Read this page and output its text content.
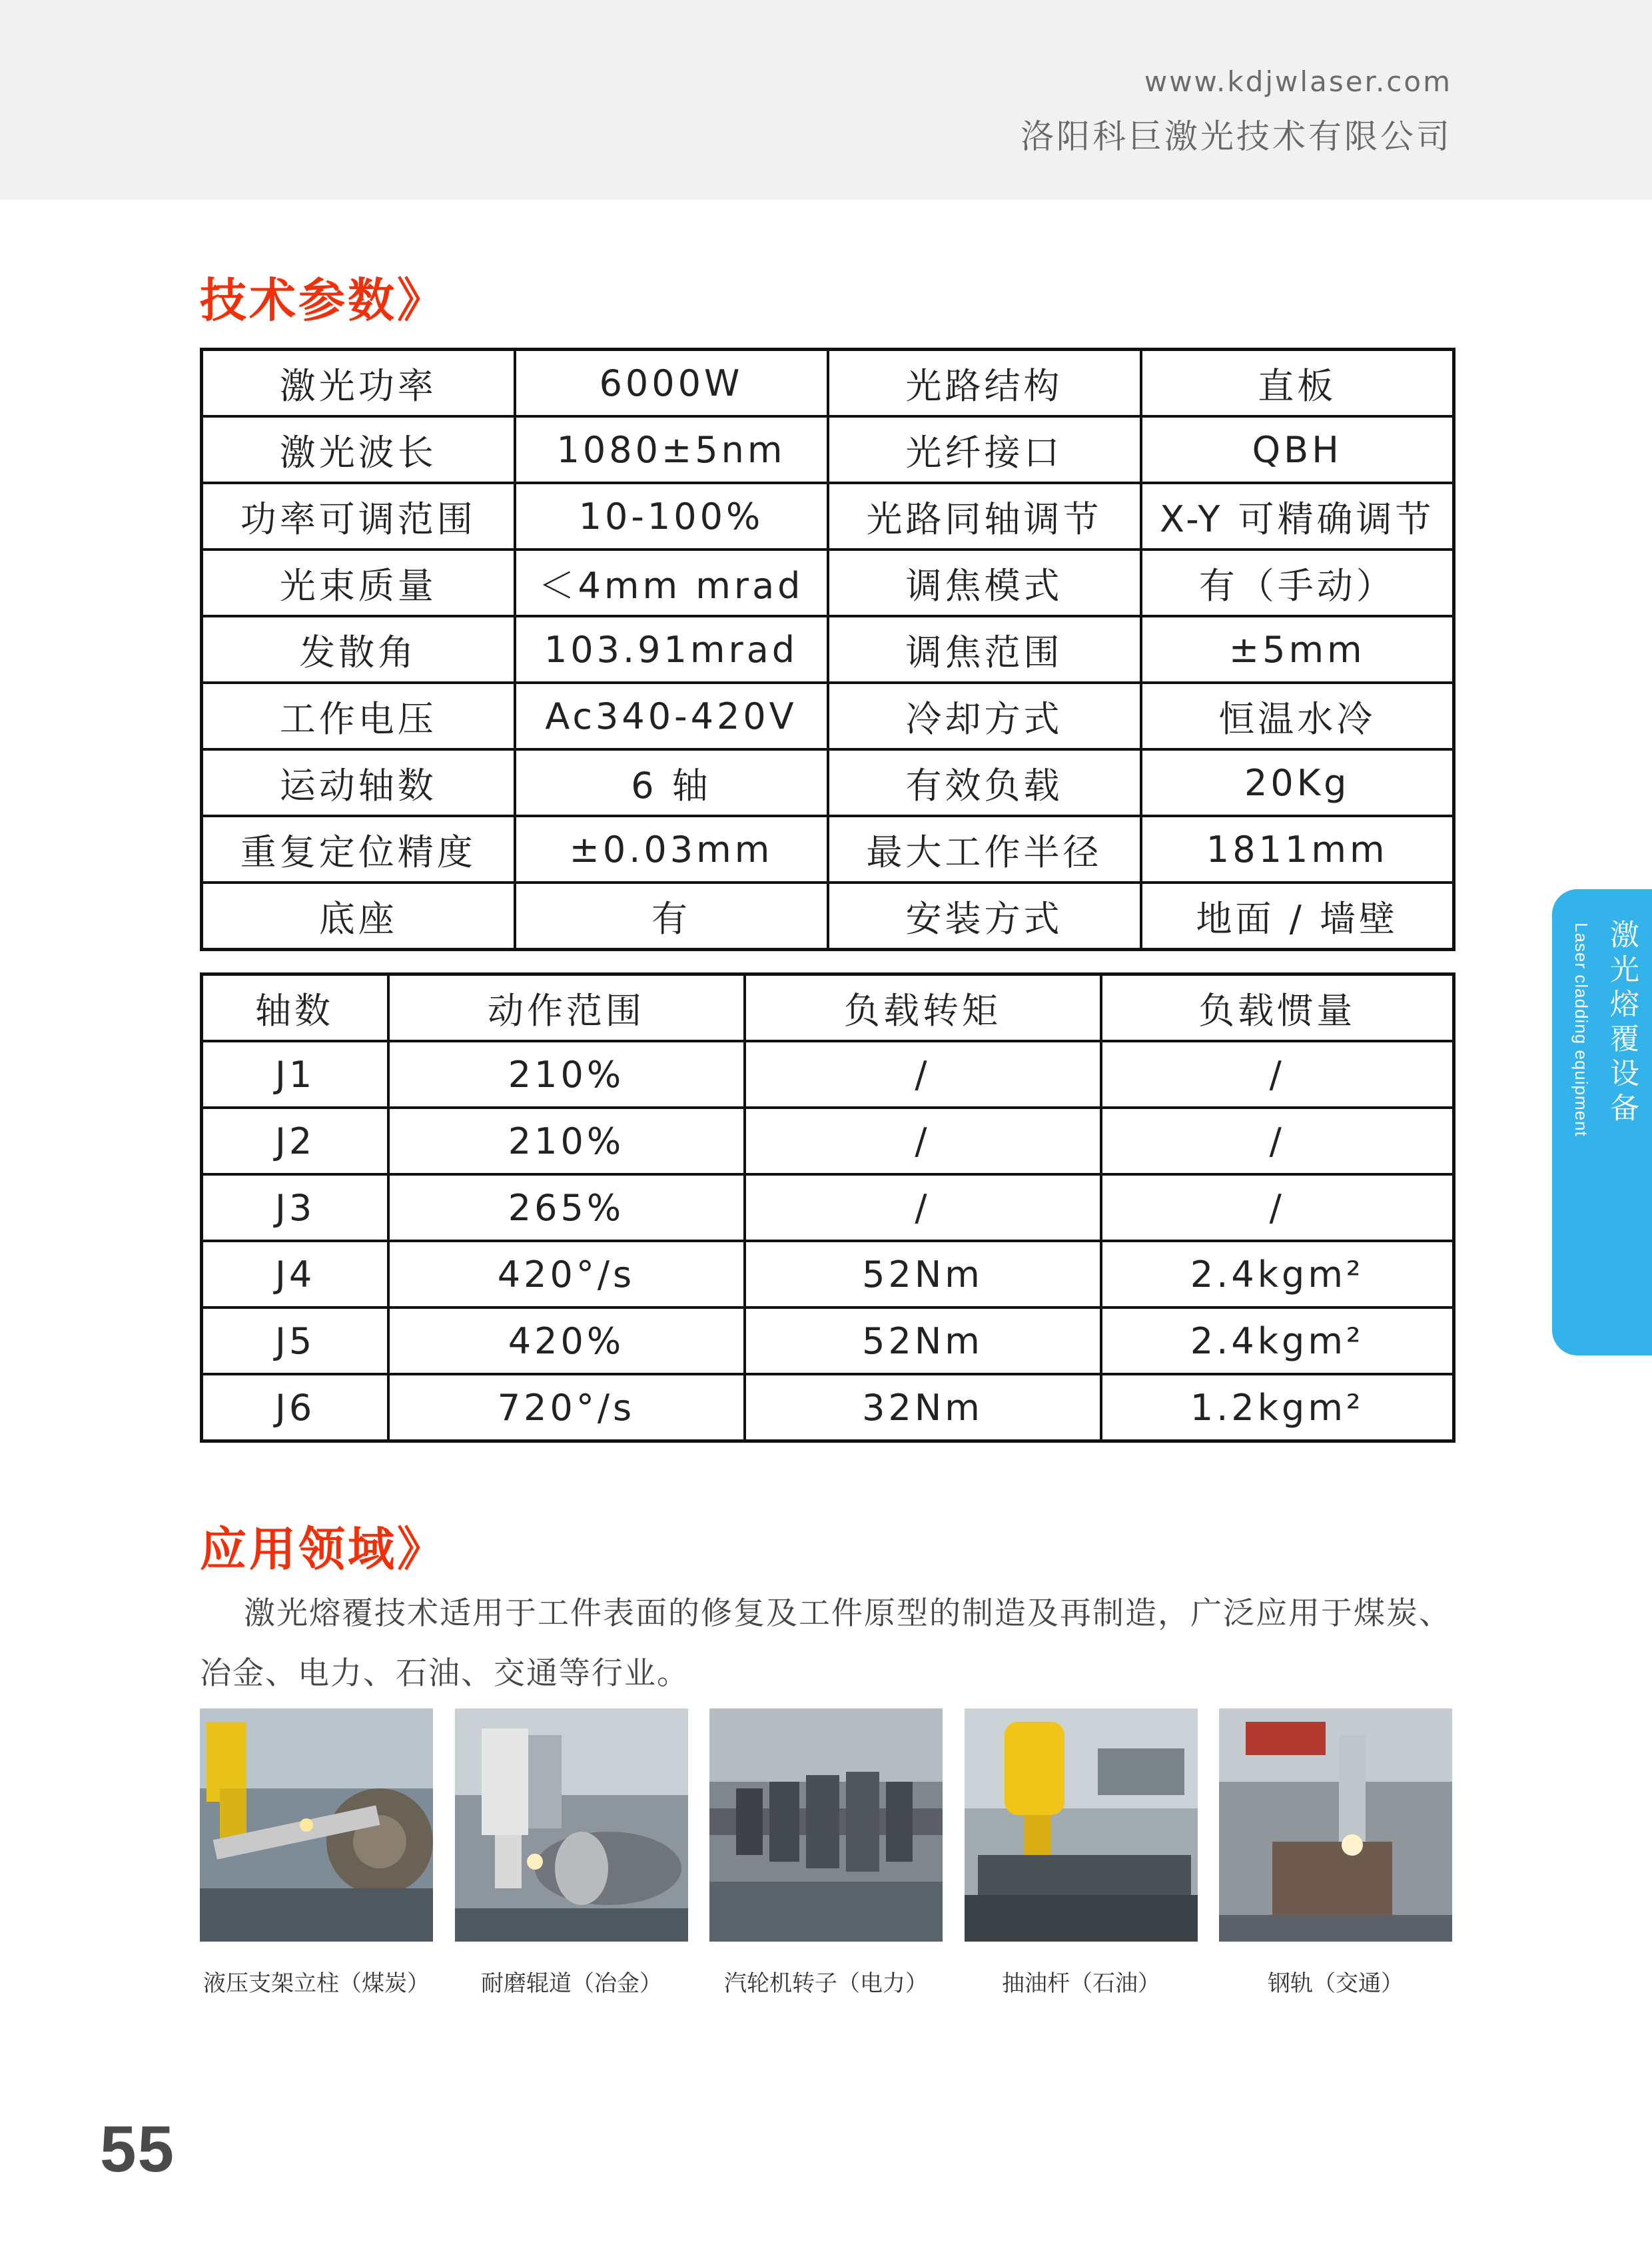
www.kdjwlaser.com
洛阳科巨激光技术有限公司
技术参数》
激光功率	6000W	光路结构	直板
激光波长	1080±5nm	光纤接口	QBH
功率可调范围	10-100%	光路同轴调节	X-Y 可精确调节
光束质量	＜4mm mrad	调焦模式	有（手动）
发散角	103.91mrad	调焦范围	±5mm
工作电压	Ac340-420V	冷却方式	恒温水冷
运动轴数	6 轴	有效负载	20Kg
重复定位精度	±0.03mm	最大工作半径	1811mm
底座	有	安装方式	地面 / 墙壁
轴数	动作范围	负载转矩	负载惯量
J1	210%	/	/
J2	210%	/	/
J3	265%	/	/
J4	420°/s	52Nm	2.4kgm²
J5	420%	52Nm	2.4kgm²
J6	720°/s	32Nm	1.2kgm²
激光熔覆设备
Laser cladding equipment
应用领域》
激光熔覆技术适用于工件表面的修复及工件原型的制造及再制造，广泛应用于煤炭、冶金、电力、石油、交通等行业。
液压支架立柱（煤炭）	耐磨辊道（冶金）	汽轮机转子（电力）	抽油杆（石油）	钢轨（交通）
55
